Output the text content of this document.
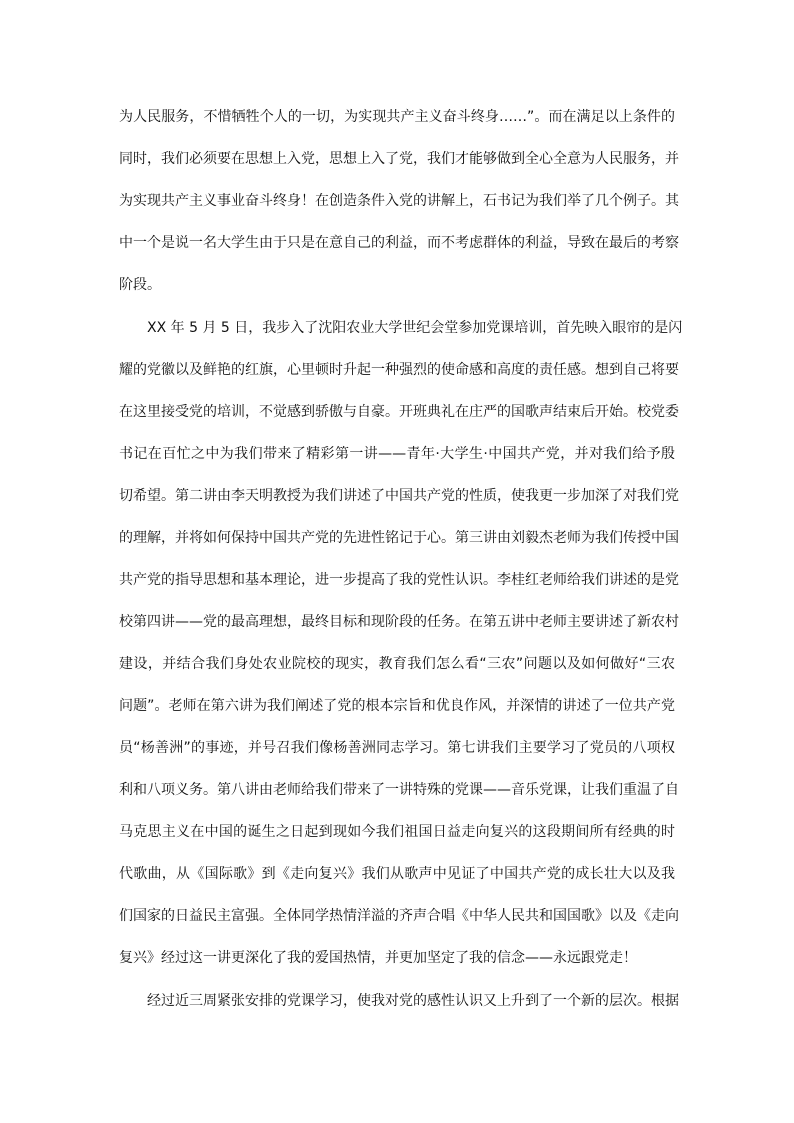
为人民服务，不惜牺牲个人的一切，为实现共产主义奋斗终身……”。而在满足以上条件的
同时，我们必须要在思想上入党，思想上入了党，我们才能够做到全心全意为人民服务，并
为实现共产主义事业奋斗终身！在创造条件入党的讲解上，石书记为我们举了几个例子。其
中一个是说一名大学生由于只是在意自己的利益，而不考虑群体的利益，导致在最后的考察
阶段。
XX 年 5 月 5 日，我步入了沈阳农业大学世纪会堂参加党课培训，首先映入眼帘的是闪
耀的党徽以及鲜艳的红旗，心里顿时升起一种强烈的使命感和高度的责任感。想到自己将要
在这里接受党的培训，不觉感到骄傲与自豪。开班典礼在庄严的国歌声结束后开始。校党委
书记在百忙之中为我们带来了精彩第一讲——青年·大学生·中国共产党，并对我们给予殷
切希望。第二讲由李天明教授为我们讲述了中国共产党的性质，使我更一步加深了对我们党
的理解，并将如何保持中国共产党的先进性铭记于心。第三讲由刘毅杰老师为我们传授中国
共产党的指导思想和基本理论，进一步提高了我的党性认识。李桂红老师给我们讲述的是党
校第四讲——党的最高理想，最终目标和现阶段的任务。在第五讲中老师主要讲述了新农村
建设，并结合我们身处农业院校的现实，教育我们怎么看“三农”问题以及如何做好“三农
问题”。老师在第六讲为我们阐述了党的根本宗旨和优良作风，并深情的讲述了一位共产党
员“杨善洲”的事迹，并号召我们像杨善洲同志学习。第七讲我们主要学习了党员的八项权
利和八项义务。第八讲由老师给我们带来了一讲特殊的党课——音乐党课，让我们重温了自
马克思主义在中国的诞生之日起到现如今我们祖国日益走向复兴的这段期间所有经典的时
代歌曲，从《国际歌》到《走向复兴》我们从歌声中见证了中国共产党的成长壮大以及我
们国家的日益民主富强。全体同学热情洋溢的齐声合唱《中华人民共和国国歌》以及《走向
复兴》经过这一讲更深化了我的爱国热情，并更加坚定了我的信念——永远跟党走！
经过近三周紧张安排的党课学习，使我对党的感性认识又上升到了一个新的层次。根据
